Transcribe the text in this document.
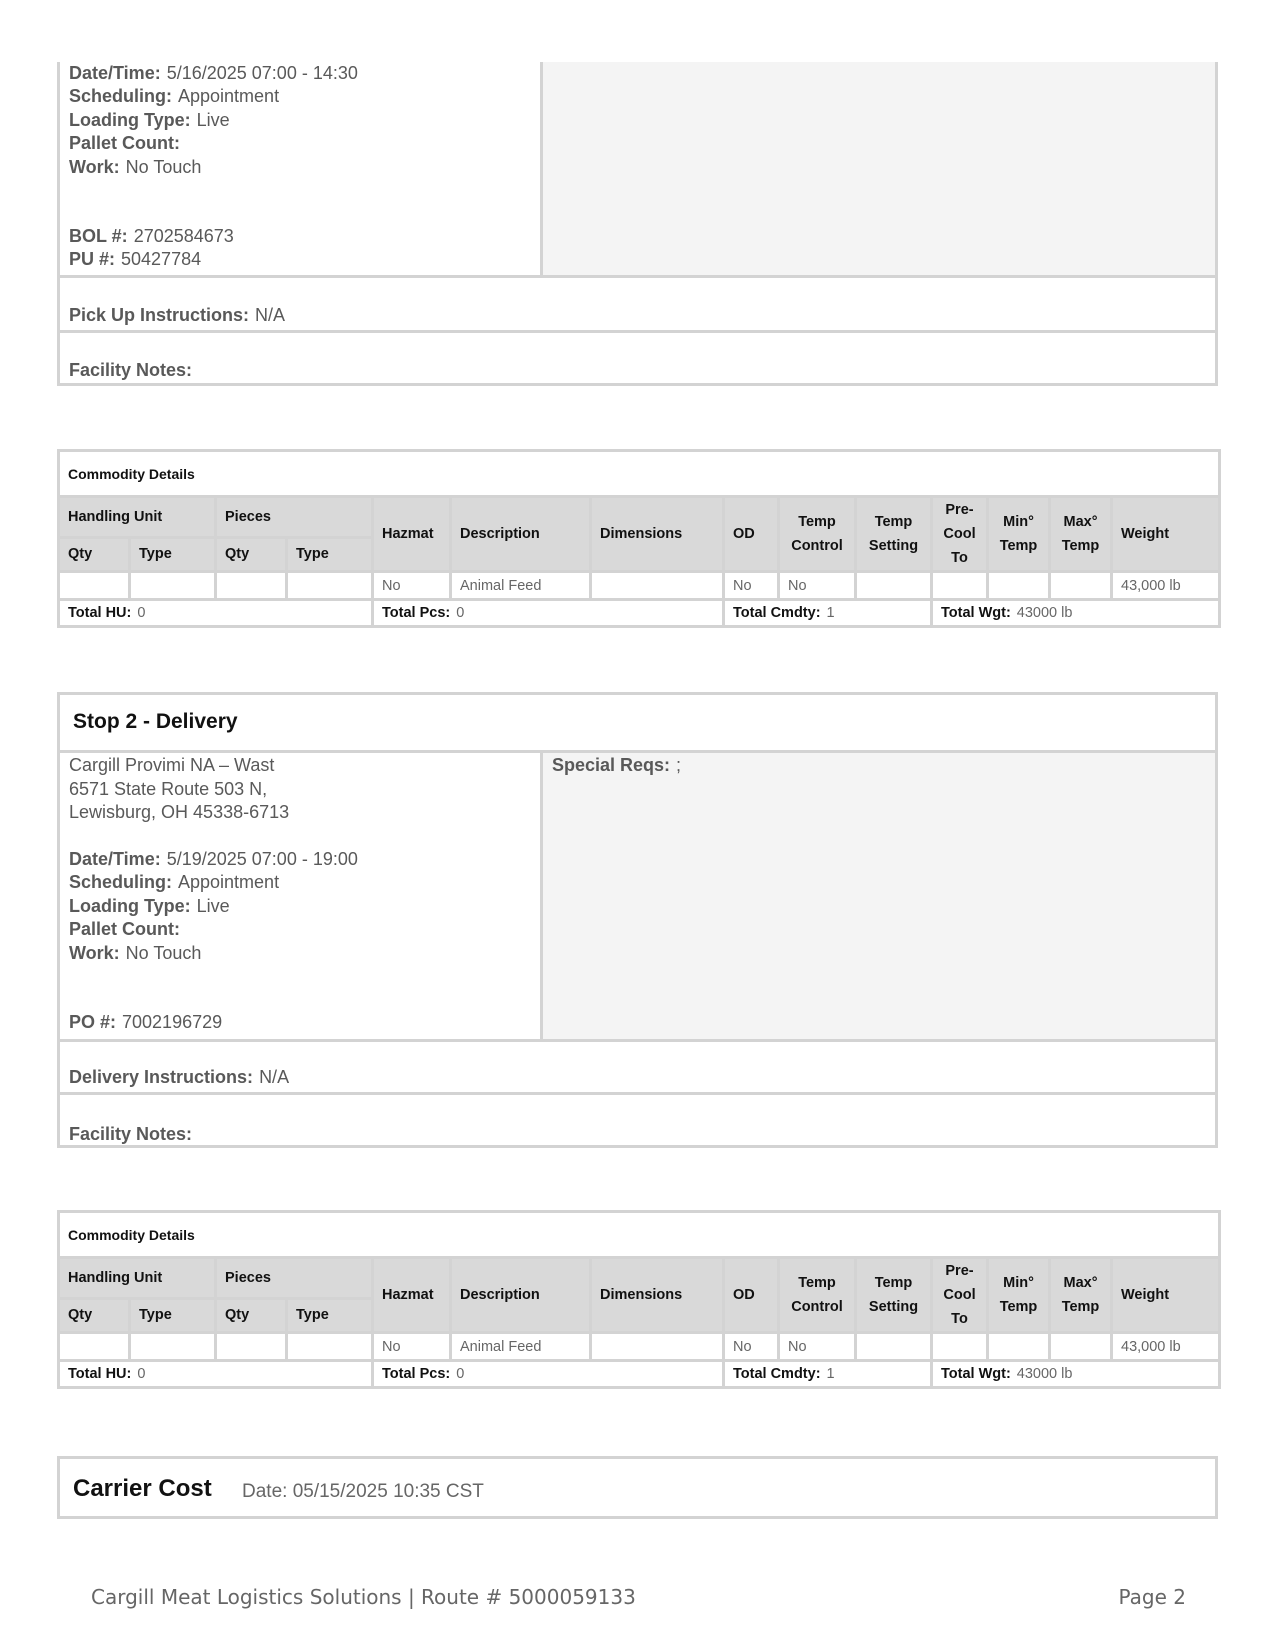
Date/Time: 5/16/2025 07:00 - 14:30
Scheduling: Appointment
Loading Type: Live
Pallet Count:
Work: No Touch
BOL #: 2702584673
PU #: 50427784
Pick Up Instructions: N/A
Facility Notes:
Commodity Details													
Handling Unit		Pieces		Hazmat	Description	Dimensions	OD	Temp Control	Temp Setting	Pre-Cool To	Min° Temp	Max° Temp	Weight
Qty	Type	Qty	Type										
				No	Animal Feed		No	No					43,000 lb
Total HU: 0				Total Pcs: 0			Total Cmdty: 1			Total Wgt: 43000 lb			
Stop 2 - Delivery
Cargill Provimi NA – Wast
6571 State Route 503 N,
Lewisburg, OH 45338-6713
Special Reqs: ;
Date/Time: 5/19/2025 07:00 - 19:00
Scheduling: Appointment
Loading Type: Live
Pallet Count:
Work: No Touch
PO #: 7002196729
Delivery Instructions: N/A
Facility Notes:
Commodity Details													
Handling Unit		Pieces		Hazmat	Description	Dimensions	OD	Temp Control	Temp Setting	Pre-Cool To	Min° Temp	Max° Temp	Weight
Qty	Type	Qty	Type										
				No	Animal Feed		No	No					43,000 lb
Total HU: 0				Total Pcs: 0			Total Cmdty: 1			Total Wgt: 43000 lb			
Carrier Cost Date: 05/15/2025 10:35 CST
Cargill Meat Logistics Solutions | Route # 5000059133	Page 2
